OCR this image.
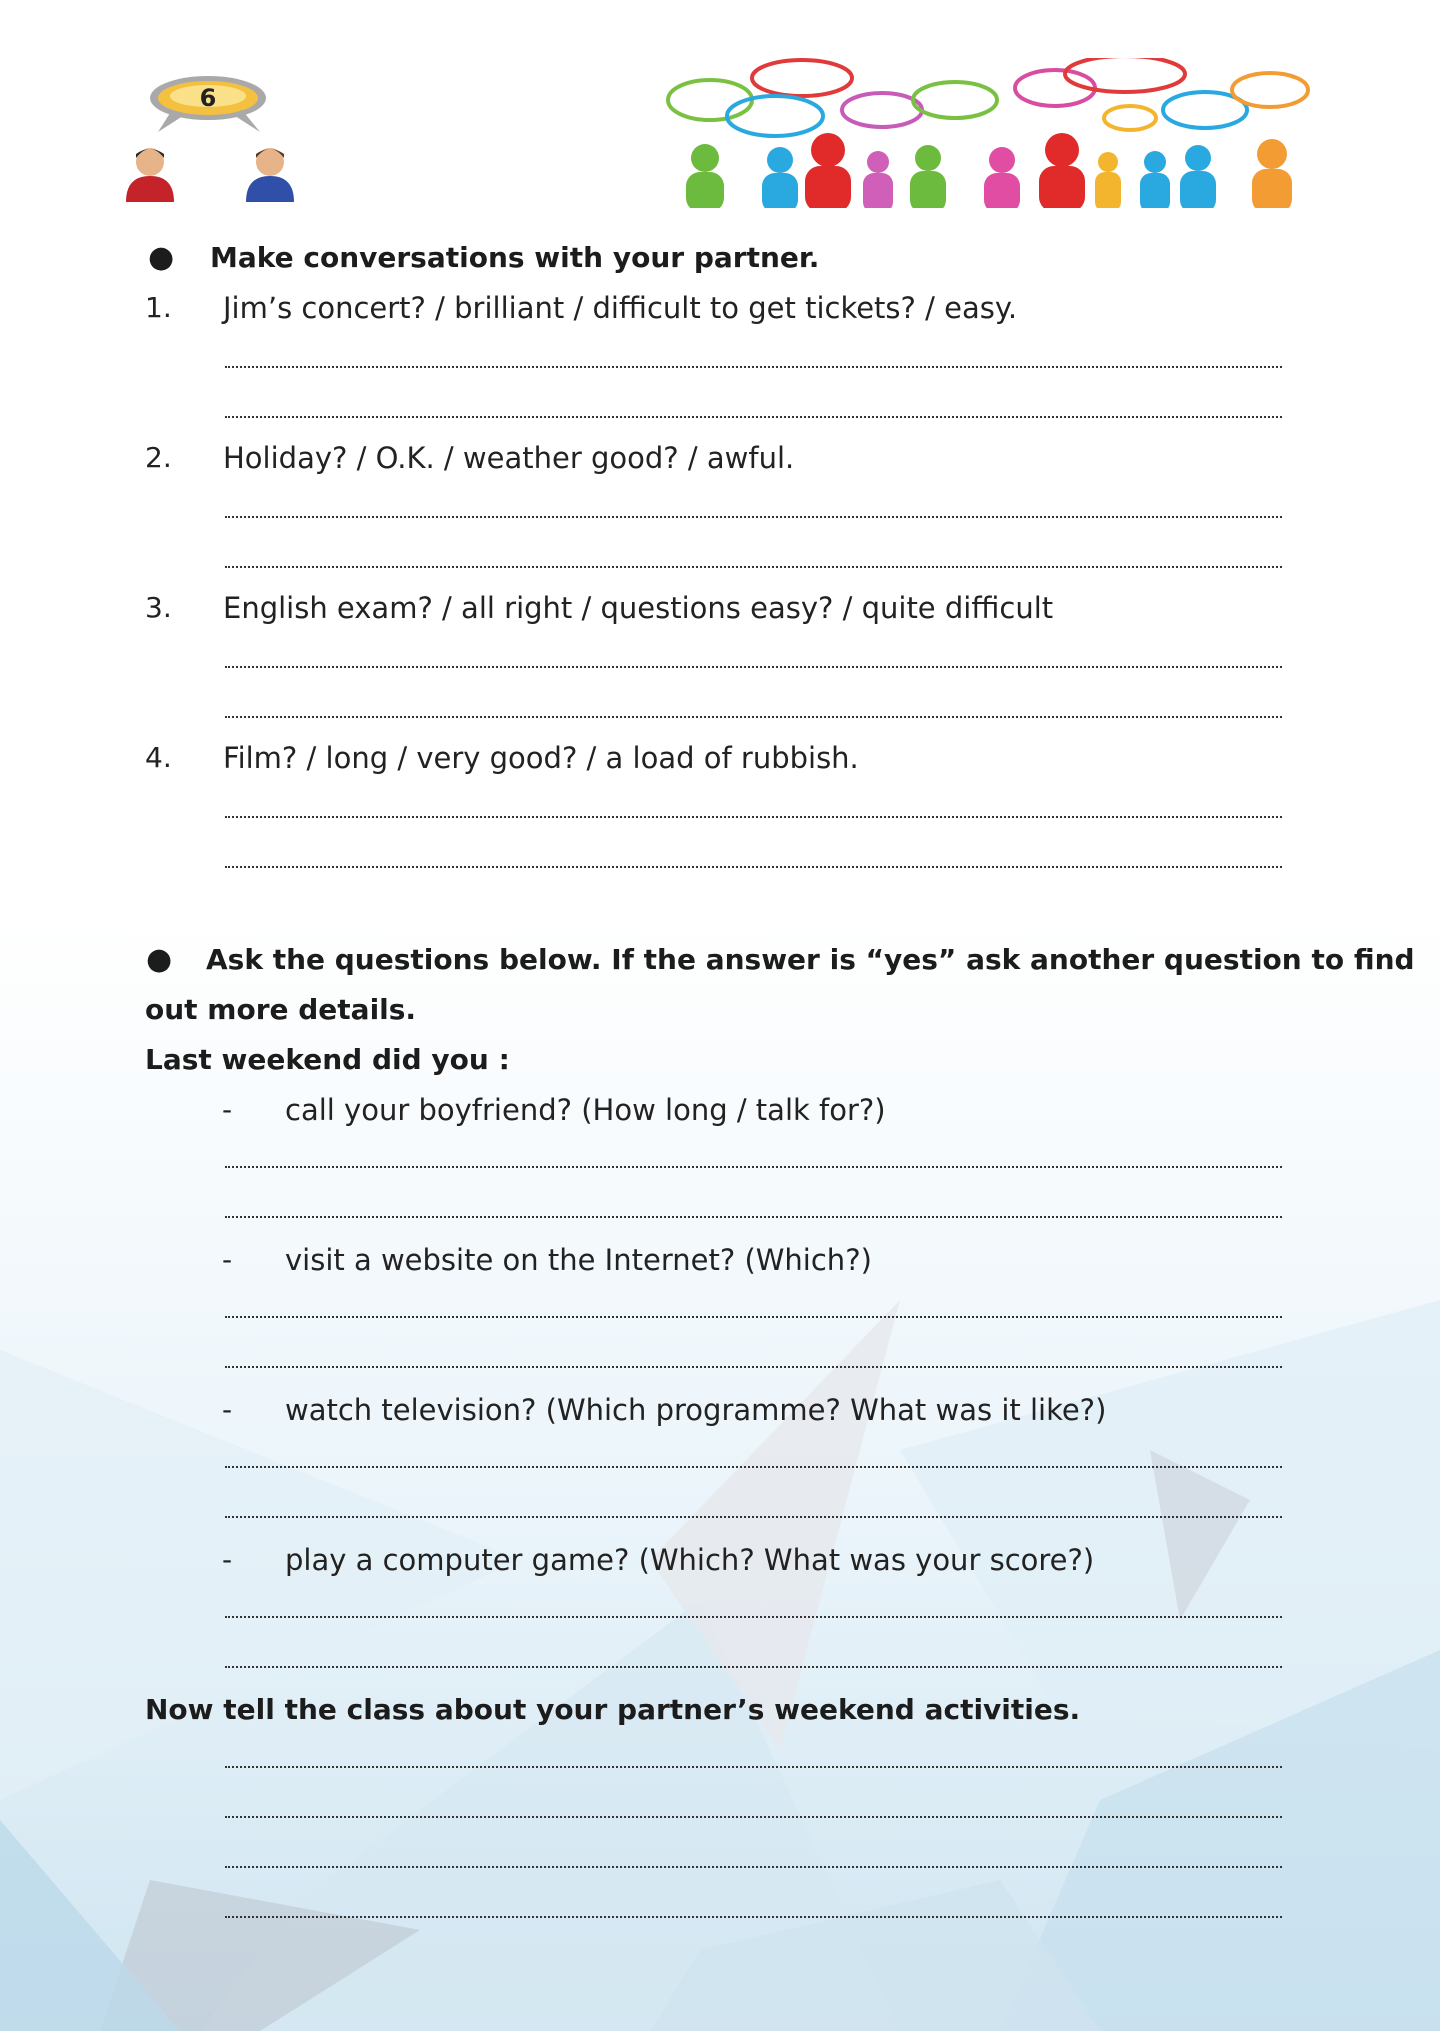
6
● Make conversations with your partner.
1. Jim’s concert? / brilliant / difficult to get tickets? / easy.
2. Holiday? / O.K. / weather good? / awful.
3. English exam? / all right / questions easy? / quite difficult
4. Film? / long / very good? / a load of rubbish.
● Ask the questions below. If the answer is “yes” ask another question to find
out more details.
Last weekend did you :
- call your boyfriend? (How long / talk for?)
- visit a website on the Internet? (Which?)
- watch television? (Which programme? What was it like?)
- play a computer game? (Which? What was your score?)
Now tell the class about your partner’s weekend activities.
